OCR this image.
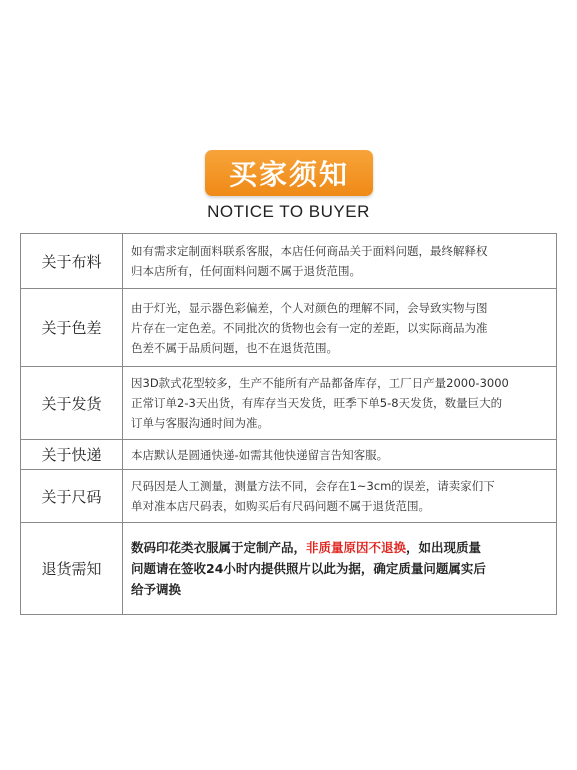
买家须知
NOTICE TO BUYER
关于布料	如有需求定制面料联系客服，本店任何商品关于面料问题，最终解释权
归本店所有，任何面料问题不属于退货范围。
关于色差	由于灯光，显示器色彩偏差，个人对颜色的理解不同，会导致实物与图
片存在一定色差。不同批次的货物也会有一定的差距，以实际商品为准
色差不属于品质问题，也不在退货范围。
关于发货	因3D款式花型较多，生产不能所有产品都备库存，工厂日产量2000-3000
正常订单2-3天出货，有库存当天发货，旺季下单5-8天发货，数量巨大的
订单与客服沟通时间为准。
关于快递	本店默认是圆通快递-如需其他快递留言告知客服。
关于尺码	尺码因是人工测量，测量方法不同，会存在1~3cm的误差，请卖家们下
单对准本店尺码表，如购买后有尺码问题不属于退货范围。
退货需知	数码印花类衣服属于定制产品，非质量原因不退换，如出现质量
问题请在签收24小时内提供照片以此为据，确定质量问题属实后
给予调换
